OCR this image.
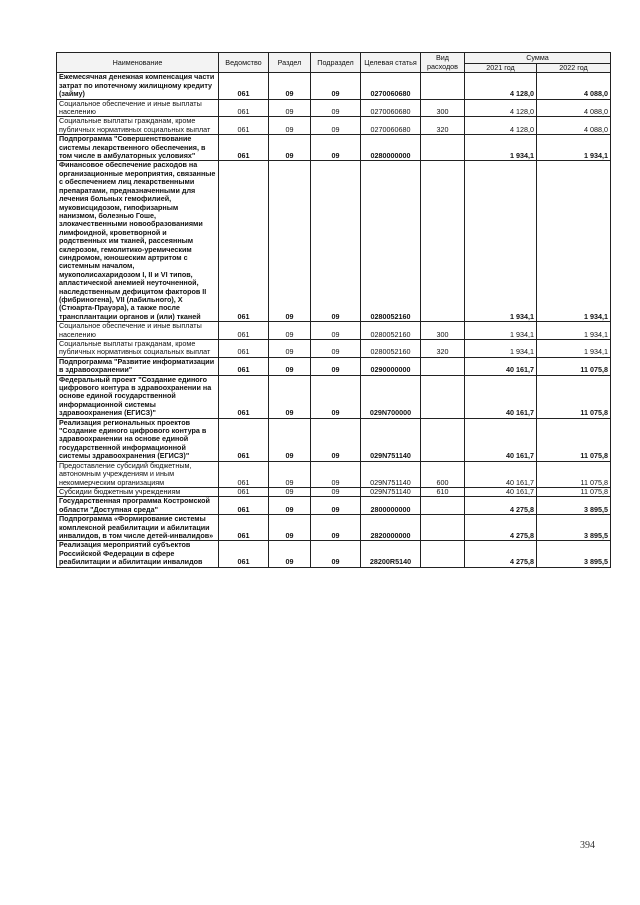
Наименование	Ведомство	Раздел	Подраздел	Целевая статья	Вид расходов	Сумма	
						2021 год	2022 год
Ежемесячная денежная компенсация части затрат по ипотечному жилищному кредиту (займу)	061	09	09	0270060680		4 128,0	4 088,0
Социальное обеспечение и иные выплаты населению	061	09	09	0270060680	300	4 128,0	4 088,0
Социальные выплаты гражданам, кроме публичных нормативных социальных выплат	061	09	09	0270060680	320	4 128,0	4 088,0
Подпрограмма "Совершенствование системы лекарственного обеспечения, в том числе в амбулаторных условиях"	061	09	09	0280000000		1 934,1	1 934,1
Финансовое обеспечение расходов на организационные мероприятия, связанные с обеспечением лиц лекарственными препаратами, предназначенными для лечения больных гемофилией, муковисцидозом, гипофизарным нанизмом, болезнью Гоше, злокачественными новообразованиями лимфоидной, кроветворной и родственных им тканей, рассеянным склерозом, гемолитико-уремическим синдромом, юношеским артритом с системным началом, мукополисахаридозом I, II и VI типов, апластической анемией неуточненной, наследственным дефицитом факторов II (фибриногена), VII (лабильного), X (Стюарта-Прауэра), а также после трансплантации органов и (или) тканей	061	09	09	0280052160		1 934,1	1 934,1
Социальное обеспечение и иные выплаты населению	061	09	09	0280052160	300	1 934,1	1 934,1
Социальные выплаты гражданам, кроме публичных нормативных социальных выплат	061	09	09	0280052160	320	1 934,1	1 934,1
Подпрограмма "Развитие информатизации в здравоохранении"	061	09	09	0290000000		40 161,7	11 075,8
Федеральный проект "Создание единого цифрового контура в здравоохранении на основе единой государственной информационной системы здравоохранения (ЕГИСЗ)"	061	09	09	029N700000		40 161,7	11 075,8
Реализация региональных проектов "Создание единого цифрового контура в здравоохранении на основе единой государственной информационной системы здравоохранения (ЕГИСЗ)"	061	09	09	029N751140		40 161,7	11 075,8
Предоставление субсидий бюджетным, автономным учреждениям и иным некоммерческим организациям	061	09	09	029N751140	600	40 161,7	11 075,8
Субсидии бюджетным учреждениям	061	09	09	029N751140	610	40 161,7	11 075,8
Государственная программа Костромской области "Доступная среда"	061	09	09	2800000000		4 275,8	3 895,5
Подпрограмма «Формирование системы комплексной реабилитации и абилитации инвалидов, в том числе детей-инвалидов»	061	09	09	2820000000		4 275,8	3 895,5
Реализация мероприятий субъектов Российской Федерации в сфере реабилитации и абилитации инвалидов	061	09	09	28200R5140		4 275,8	3 895,5
394
